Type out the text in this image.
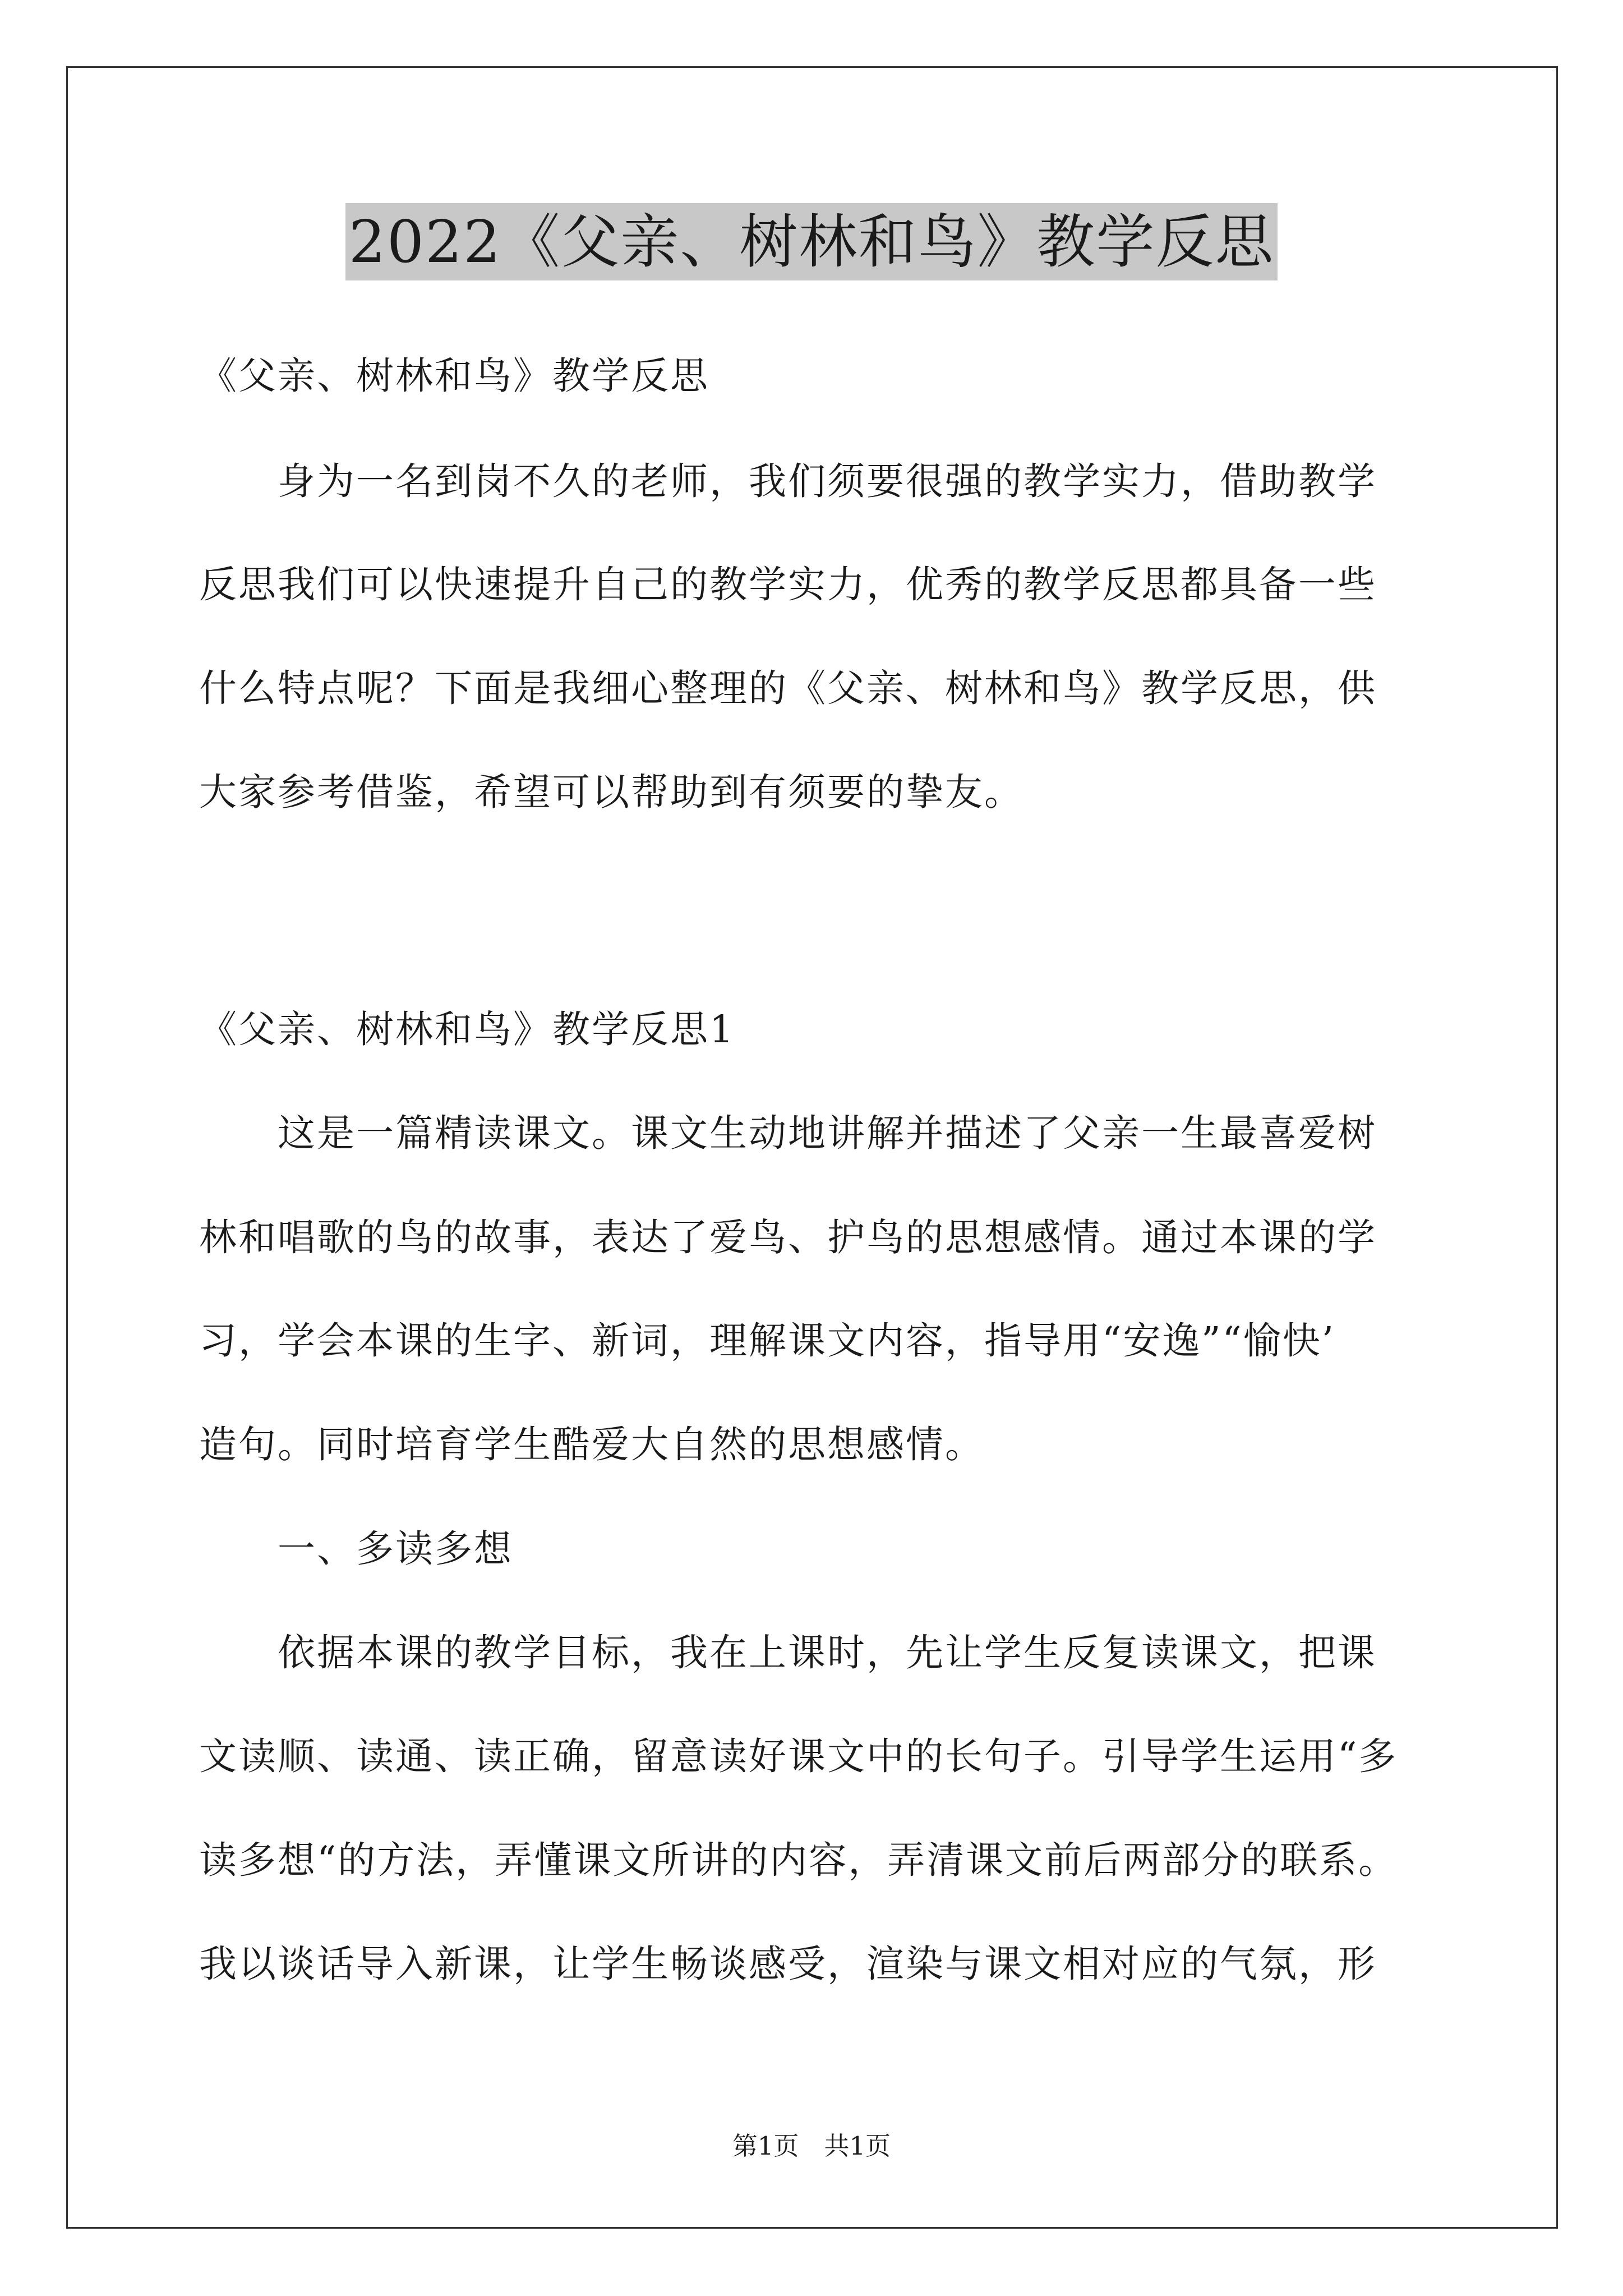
2022《父亲、树林和鸟》教学反思
《父亲、树林和鸟》教学反思
　　身为一名到岗不久的老师，我们须要很强的教学实力，借助教学
反思我们可以快速提升自己的教学实力，优秀的教学反思都具备一些
什么特点呢？下面是我细心整理的《父亲、树林和鸟》教学反思，供
大家参考借鉴，希望可以帮助到有须要的挚友。
《父亲、树林和鸟》教学反思1
　　这是一篇精读课文。课文生动地讲解并描述了父亲一生最喜爱树
林和唱歌的鸟的故事，表达了爱鸟、护鸟的思想感情。通过本课的学
习，学会本课的生字、新词，理解课文内容，指导用“安逸”“愉快’
造句。同时培育学生酷爱大自然的思想感情。
　　一、多读多想
　　依据本课的教学目标，我在上课时，先让学生反复读课文，把课
文读顺、读通、读正确，留意读好课文中的长句子。引导学生运用“多
读多想“的方法，弄懂课文所讲的内容，弄清课文前后两部分的联系。
我以谈话导入新课，让学生畅谈感受，渲染与课文相对应的气氛，形
第1页　共1页
